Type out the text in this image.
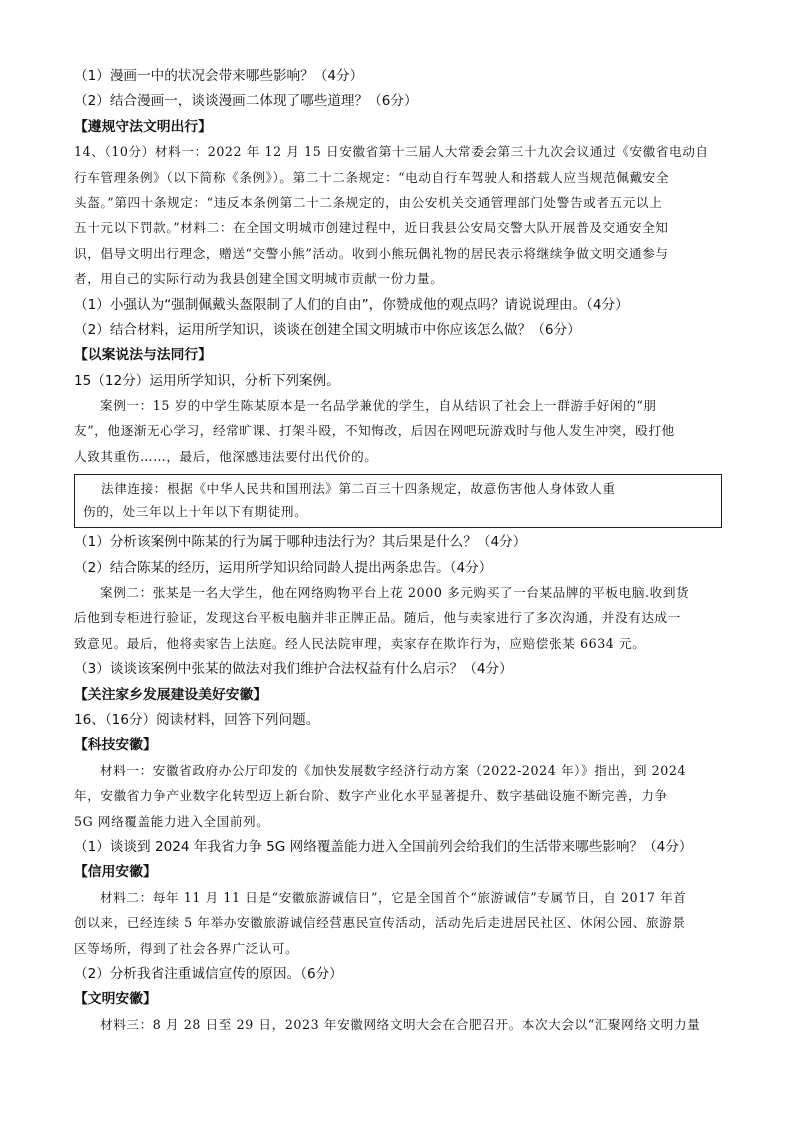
（1）漫画一中的状况会带来哪些影响？（4分）
（2）结合漫画一，谈谈漫画二体现了哪些道理？（6分）
【遵规守法文明出行】
14、（10分）材料一：2022 年 12 月 15 日安徽省第十三届人大常委会第三十九次会议通过《安徽省电动自
行车管理条例》（以下简称《条例》）。第二十二条规定：“电动自行车驾驶人和搭载人应当规范佩戴安全
头盔。”第四十条规定：“违反本条例第二十二条规定的，由公安机关交通管理部门处警告或者五元以上
五十元以下罚款。”材料二：在全国文明城市创建过程中，近日我县公安局交警大队开展普及交通安全知
识，倡导文明出行理念，赠送“交警小熊”活动。收到小熊玩偶礼物的居民表示将继续争做文明交通参与
者，用自己的实际行动为我县创建全国文明城市贡献一份力量。
（1）小强认为“强制佩戴头盔限制了人们的自由”，你赞成他的观点吗？请说说理由。（4分）
（2）结合材料，运用所学知识，谈谈在创建全国文明城市中你应该怎么做？（6分）
【以案说法与法同行】
15（12分）运用所学知识，分析下列案例。
案例一：15 岁的中学生陈某原本是一名品学兼优的学生，自从结识了社会上一群游手好闲的“朋
友”，他逐渐无心学习，经常旷课、打架斗殴，不知悔改，后因在网吧玩游戏时与他人发生冲突，殴打他
人致其重伤……，最后，他深感违法要付出代价的。
法律连接：根据《中华人民共和国刑法》第二百三十四条规定，故意伤害他人身体致人重
伤的，处三年以上十年以下有期徒刑。
（1）分析该案例中陈某的行为属于哪种违法行为？其后果是什么？（4分）
（2）结合陈某的经历，运用所学知识给同龄人提出两条忠告。（4分）
案例二：张某是一名大学生，他在网络购物平台上花 2000 多元购买了一台某品牌的平板电脑.收到货
后他到专柜进行验证，发现这台平板电脑并非正牌正品。随后，他与卖家进行了多次沟通，并没有达成一
致意见。最后，他将卖家告上法庭。经人民法院审理，卖家存在欺诈行为，应赔偿张某 6634 元。
（3）谈谈该案例中张某的做法对我们维护合法权益有什么启示？（4分）
【关注家乡发展建设美好安徽】
16、（16分）阅读材料，回答下列问题。
【科技安徽】
材料一：安徽省政府办公厅印发的《加快发展数字经济行动方案（2022-2024 年）》指出，到 2024
年，安徽省力争产业数字化转型迈上新台阶、数字产业化水平显著提升、数字基础设施不断完善，力争
5G 网络覆盖能力进入全国前列。
（1）谈谈到 2024 年我省力争 5G 网络覆盖能力进入全国前列会给我们的生活带来哪些影响？（4分）
【信用安徽】
材料二：每年 11 月 11 日是“安徽旅游诚信日”，它是全国首个“旅游诚信”专属节日，自 2017 年首
创以来，已经连续 5 年举办安徽旅游诚信经营惠民宣传活动，活动先后走进居民社区、休闲公园、旅游景
区等场所，得到了社会各界广泛认可。
（2）分析我省注重诚信宣传的原因。（6分）
【文明安徽】
材料三：8 月 28 日至 29 日，2023 年安徽网络文明大会在合肥召开。本次大会以“汇聚网络文明力量
